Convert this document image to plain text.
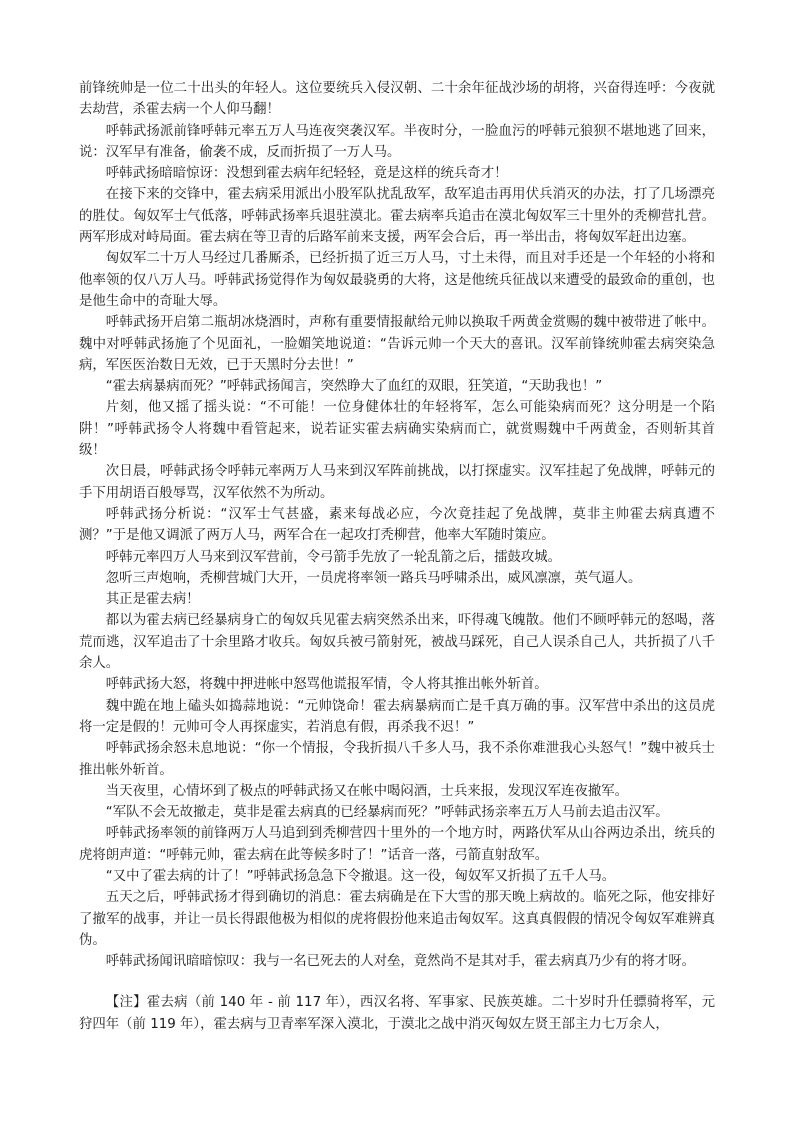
前锋统帅是一位二十出头的年轻人。这位要统兵入侵汉朝、二十余年征战沙场的胡将，兴奋得连呼：今夜就去劫营，杀霍去病一个人仰马翻！

呼韩武扬派前锋呼韩元率五万人马连夜突袭汉军。半夜时分，一脸血污的呼韩元狼狈不堪地逃了回来，说：汉军早有准备，偷袭不成，反而折损了一万人马。

呼韩武扬暗暗惊讶：没想到霍去病年纪轻轻，竟是这样的统兵奇才！

在接下来的交锋中，霍去病采用派出小股军队扰乱敌军，敌军追击再用伏兵消灭的办法，打了几场漂亮的胜仗。匈奴军士气低落，呼韩武扬率兵退驻漠北。霍去病率兵追击在漠北匈奴军三十里外的秃柳营扎营。两军形成对峙局面。霍去病在等卫青的后路军前来支援，两军会合后，再一举出击，将匈奴军赶出边塞。

匈奴军二十万人马经过几番厮杀，已经折损了近三万人马，寸土未得，而且对手还是一个年轻的小将和他率领的仅八万人马。呼韩武扬觉得作为匈奴最骁勇的大将，这是他统兵征战以来遭受的最致命的重创，也是他生命中的奇耻大辱。

呼韩武扬开启第二瓶胡冰烧酒时，声称有重要情报献给元帅以换取千两黄金赏赐的魏中被带进了帐中。魏中对呼韩武扬施了个见面礼，一脸媚笑地说道：“告诉元帅一个天大的喜讯。汉军前锋统帅霍去病突染急病，军医医治数日无效，已于天黑时分去世！”

“霍去病暴病而死？”呼韩武扬闻言，突然睁大了血红的双眼，狂笑道，“天助我也！”

片刻，他又摇了摇头说：“不可能！一位身健体壮的年轻将军，怎么可能染病而死？这分明是一个陷阱！”呼韩武扬令人将魏中看管起来，说若证实霍去病确实染病而亡，就赏赐魏中千两黄金，否则斩其首级！

次日晨，呼韩武扬令呼韩元率两万人马来到汉军阵前挑战，以打探虚实。汉军挂起了免战牌，呼韩元的手下用胡语百般辱骂，汉军依然不为所动。

呼韩武扬分析说：“汉军士气甚盛，素来每战必应，今次竟挂起了免战牌，莫非主帅霍去病真遭不测？”于是他又调派了两万人马，两军合在一起攻打秃柳营，他率大军随时策应。

呼韩元率四万人马来到汉军营前，令弓箭手先放了一轮乱箭之后，擂鼓攻城。

忽听三声炮响，秃柳营城门大开，一员虎将率领一路兵马呼啸杀出，威风凛凛，英气逼人。

其正是霍去病！

都以为霍去病已经暴病身亡的匈奴兵见霍去病突然杀出来，吓得魂飞魄散。他们不顾呼韩元的怒喝，落荒而逃，汉军追击了十余里路才收兵。匈奴兵被弓箭射死，被战马踩死，自己人误杀自己人，共折损了八千余人。

呼韩武扬大怒，将魏中押进帐中怒骂他谎报军情，令人将其推出帐外斩首。

魏中跪在地上磕头如捣蒜地说：“元帅饶命！霍去病暴病而亡是千真万确的事。汉军营中杀出的这员虎将一定是假的！元帅可令人再探虚实，若消息有假，再杀我不迟！”

呼韩武扬余怒未息地说：“你一个情报，令我折损八千多人马，我不杀你难泄我心头怒气！”魏中被兵士推出帐外斩首。

当天夜里，心情坏到了极点的呼韩武扬又在帐中喝闷酒，士兵来报，发现汉军连夜撤军。

“军队不会无故撤走，莫非是霍去病真的已经暴病而死？”呼韩武扬亲率五万人马前去追击汉军。

呼韩武扬率领的前锋两万人马追到到秃柳营四十里外的一个地方时，两路伏军从山谷两边杀出，统兵的虎将朗声道：“呼韩元帅，霍去病在此等候多时了！”话音一落，弓箭直射敌军。

“又中了霍去病的计了！”呼韩武扬急急下令撤退。这一役，匈奴军又折损了五千人马。

五天之后，呼韩武扬才得到确切的消息：霍去病确是在下大雪的那天晚上病故的。临死之际，他安排好了撤军的战事，并让一员长得跟他极为相似的虎将假扮他来追击匈奴军。这真真假假的情况令匈奴军难辨真伪。

呼韩武扬闻讯暗暗惊叹：我与一名已死去的人对垒，竟然尚不是其对手，霍去病真乃少有的将才呀。

【注】霍去病（前 140 年 - 前 117 年），西汉名将、军事家、民族英雄。二十岁时升任骠骑将军，元狩四年（前 119 年），霍去病与卫青率军深入漠北，于漠北之战中消灭匈奴左贤王部主力七万余人，
